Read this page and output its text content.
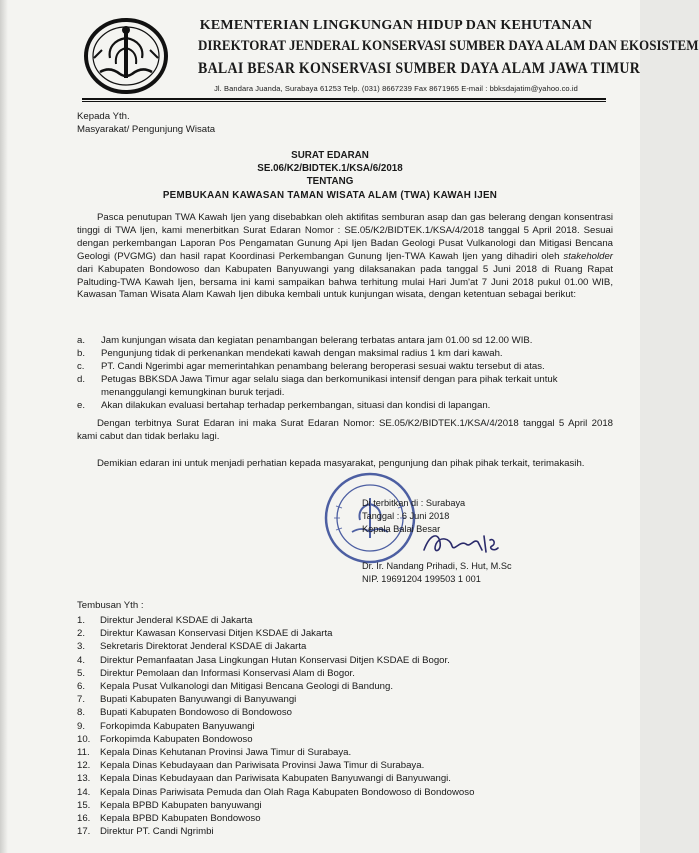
KEMENTERIAN LINGKUNGAN HIDUP DAN KEHUTANAN
DIREKTORAT JENDERAL KONSERVASI SUMBER DAYA ALAM DAN EKOSISTEM
BALAI BESAR KONSERVASI SUMBER DAYA ALAM JAWA TIMUR
Jl. Bandara Juanda, Surabaya 61253 Telp. (031) 8667239 Fax 8671965 E-mail : bbksdajatim@yahoo.co.id
Kepada Yth.
Masyarakat/ Pengunjung Wisata
SURAT EDARAN
SE.06/K2/BIDTEK.1/KSA/6/2018
TENTANG
PEMBUKAAN KAWASAN TAMAN WISATA ALAM (TWA) KAWAH IJEN
Pasca penutupan TWA Kawah Ijen yang disebabkan oleh aktifitas semburan asap dan gas belerang dengan konsentrasi tinggi di TWA Ijen, kami menerbitkan Surat Edaran Nomor : SE.05/K2/BIDTEK.1/KSA/4/2018 tanggal 5 April 2018. Sesuai dengan perkembangan Laporan Pos Pengamatan Gunung Api Ijen Badan Geologi Pusat Vulkanologi dan Mitigasi Bencana Geologi (PVGMG) dan hasil rapat Koordinasi Perkembangan Gunung Ijen-TWA Kawah Ijen yang dihadiri oleh stakeholder dari Kabupaten Bondowoso dan Kabupaten Banyuwangi yang dilaksanakan pada tanggal 5 Juni 2018 di Ruang Rapat Paltuding-TWA Kawah Ijen, bersama ini kami sampaikan bahwa terhitung mulai Hari Jum'at 7 Juni 2018 pukul 01.00 WIB, Kawasan Taman Wisata Alam Kawah Ijen dibuka kembali untuk kunjungan wisata, dengan ketentuan sebagai berikut:
a.	Jam kunjungan wisata dan kegiatan penambangan belerang terbatas antara jam 01.00 sd 12.00 WIB.
b.	Pengunjung tidak di perkenankan mendekati kawah dengan maksimal radius 1 km dari kawah.
c.	PT. Candi Ngerimbi agar memerintahkan penambang belerang beroperasi sesuai waktu tersebut di atas.
d.	Petugas BBKSDA Jawa Timur agar selalu siaga dan berkomunikasi intensif dengan para pihak terkait untuk menanggulangi kemungkinan buruk terjadi.
e.	Akan dilakukan evaluasi bertahap terhadap perkembangan, situasi dan kondisi di lapangan.
Dengan terbitnya Surat Edaran ini maka Surat Edaran Nomor: SE.05/K2/BIDTEK.1/KSA/4/2018 tanggal 5 April 2018 kami cabut dan tidak berlaku lagi.
Demikian edaran ini untuk menjadi perhatian kepada masyarakat, pengunjung dan pihak pihak terkait, terimakasih.
Di terbitkan di : Surabaya
Tanggal : 6 Juni 2018
Kepala Balai Besar
Dr. Ir. Nandang Prihadi, S. Hut, M.Sc
NIP. 19691204 199503 1 001
Tembusan Yth :
1.	Direktur Jenderal KSDAE di Jakarta
2.	Direktur Kawasan Konservasi Ditjen KSDAE di Jakarta
3.	Sekretaris Direktorat Jenderal KSDAE di Jakarta
4.	Direktur Pemanfaatan Jasa Lingkungan Hutan Konservasi Ditjen KSDAE di Bogor.
5.	Direktur Pemolaan dan Informasi Konservasi Alam di Bogor.
6.	Kepala Pusat Vulkanologi dan Mitigasi Bencana Geologi di Bandung.
7.	Bupati Kabupaten Banyuwangi di Banyuwangi
8.	Bupati Kabupaten Bondowoso di Bondowoso
9.	Forkopimda Kabupaten Banyuwangi
10.	Forkopimda Kabupaten Bondowoso
11.	Kepala Dinas Kehutanan Provinsi Jawa Timur di Surabaya.
12.	Kepala Dinas Kebudayaan dan Pariwisata Provinsi Jawa Timur di Surabaya.
13.	Kepala Dinas Kebudayaan dan Pariwisata Kabupaten Banyuwangi di Banyuwangi.
14.	Kepala Dinas Pariwisata Pemuda dan Olah Raga Kabupaten Bondowoso di Bondowoso
15.	Kepala BPBD Kabupaten banyuwangi
16.	Kepala BPBD Kabupaten Bondowoso
17.	Direktur PT. Candi Ngrimbi
